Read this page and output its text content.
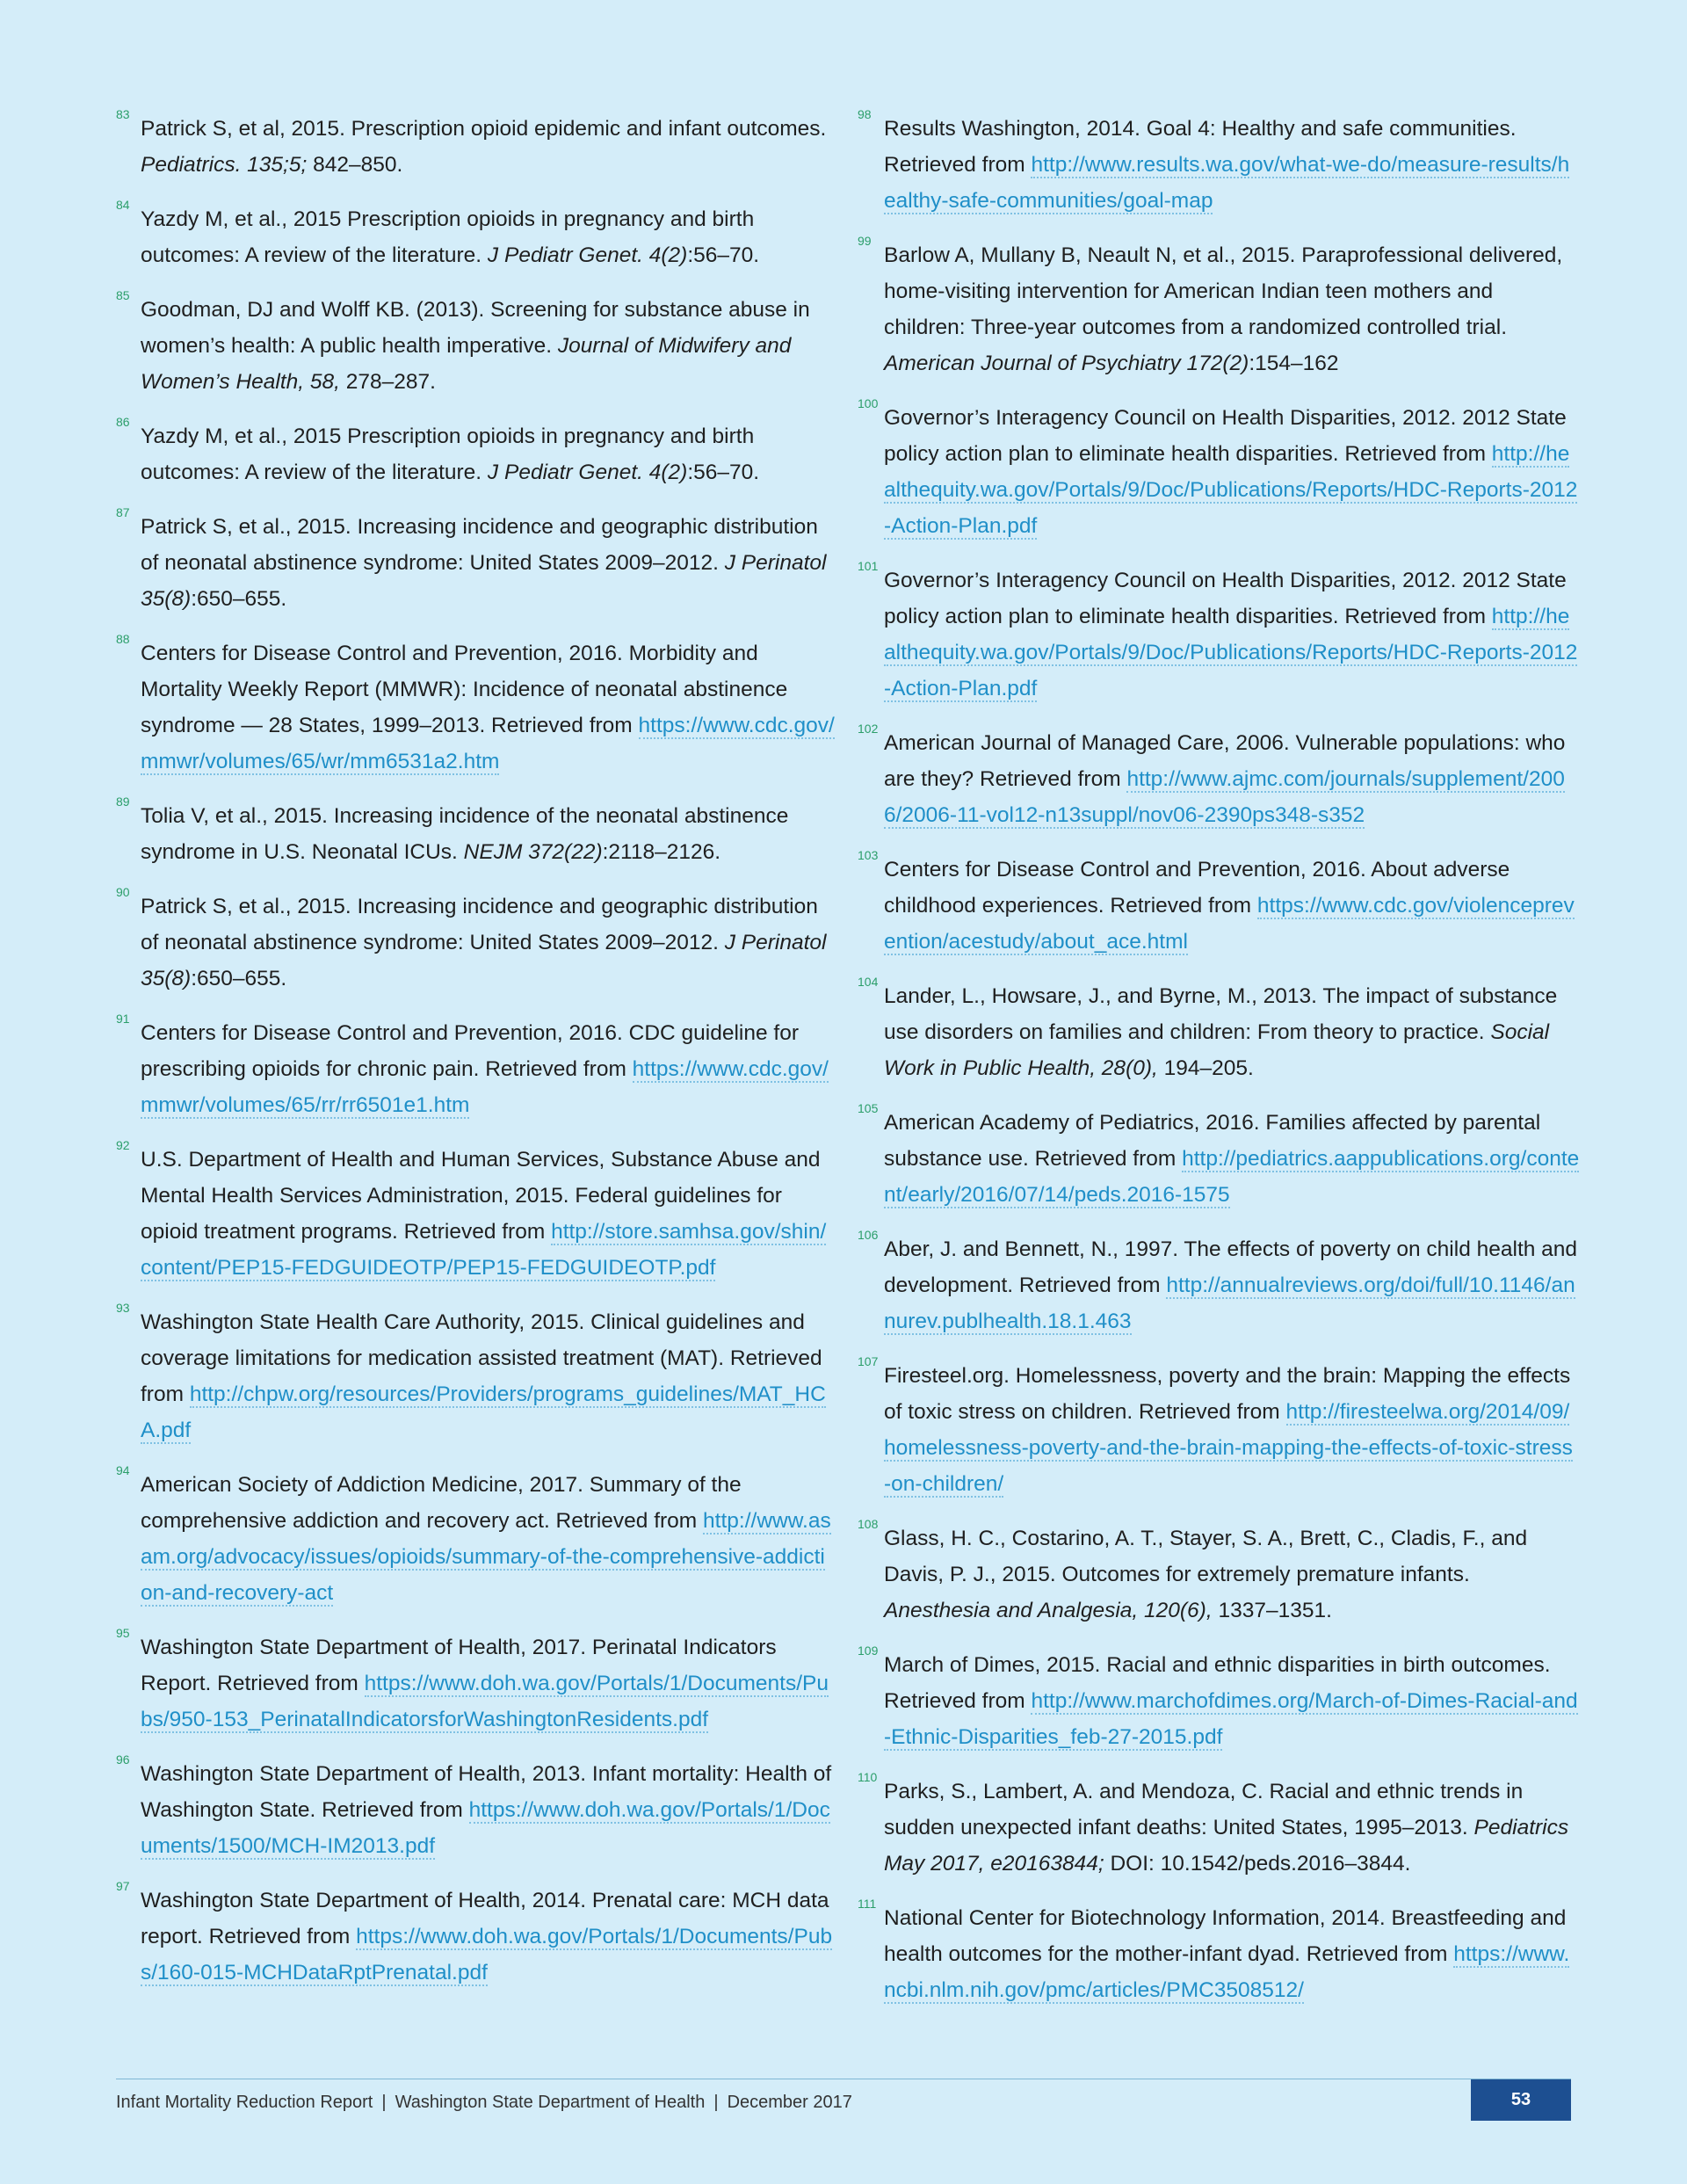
83
Patrick S, et al, 2015. Prescription opioid epidemic and infant outcomes. Pediatrics. 135;5; 842–850.
84
Yazdy M, et al., 2015 Prescription opioids in pregnancy and birth outcomes: A review of the literature. J Pediatr Genet. 4(2):56–70.
85
Goodman, DJ and Wolff KB. (2013). Screening for substance abuse in women’s health: A public health imperative. Journal of Midwifery and Women’s Health, 58, 278–287.
86
Yazdy M, et al., 2015 Prescription opioids in pregnancy and birth outcomes: A review of the literature. J Pediatr Genet. 4(2):56–70.
87
Patrick S, et al., 2015. Increasing incidence and geographic distribution of neonatal abstinence syndrome: United States 2009–2012. J Perinatol 35(8):650–655.
88
Centers for Disease Control and Prevention, 2016. Morbidity and Mortality Weekly Report (MMWR): Incidence of neonatal abstinence syndrome — 28 States, 1999–2013. Retrieved from https://www.cdc.gov/mmwr/volumes/65/wr/mm6531a2.htm
89
Tolia V, et al., 2015. Increasing incidence of the neonatal abstinence syndrome in U.S. Neonatal ICUs. NEJM 372(22):2118–2126.
90
Patrick S, et al., 2015. Increasing incidence and geographic distribution of neonatal abstinence syndrome: United States 2009–2012. J Perinatol 35(8):650–655.
91
Centers for Disease Control and Prevention, 2016. CDC guideline for prescribing opioids for chronic pain. Retrieved from https://www.cdc.gov/mmwr/volumes/65/rr/rr6501e1.htm
92
U.S. Department of Health and Human Services, Substance Abuse and Mental Health Services Administration, 2015. Federal guidelines for opioid treatment programs. Retrieved from http://store.samhsa.gov/shin/content/PEP15-FEDGUIDEOTP/PEP15-FEDGUIDEOTP.pdf
93
Washington State Health Care Authority, 2015. Clinical guidelines and coverage limitations for medication assisted treatment (MAT). Retrieved from http://chpw.org/resources/Providers/programs_guidelines/MAT_HCA.pdf
94
American Society of Addiction Medicine, 2017. Summary of the comprehensive addiction and recovery act. Retrieved from http://www.asam.org/advocacy/issues/opioids/summary-of-the-comprehensive-addiction-and-recovery-act
95
Washington State Department of Health, 2017. Perinatal Indicators Report. Retrieved from https://www.doh.wa.gov/Portals/1/Documents/Pubs/950-153_PerinatalIndicatorsforWashingtonResidents.pdf
96
Washington State Department of Health, 2013. Infant mortality: Health of Washington State. Retrieved from https://www.doh.wa.gov/Portals/1/Documents/1500/MCH-IM2013.pdf
97
Washington State Department of Health, 2014. Prenatal care: MCH data report. Retrieved from https://www.doh.wa.gov/Portals/1/Documents/Pubs/160-015-MCHDataRptPrenatal.pdf
98
Results Washington, 2014. Goal 4: Healthy and safe communities. Retrieved from http://www.results.wa.gov/what-we-do/measure-results/healthy-safe-communities/goal-map
99
Barlow A, Mullany B, Neault N, et al., 2015. Paraprofessional delivered, home-visiting intervention for American Indian teen mothers and children: Three-year outcomes from a randomized controlled trial. American Journal of Psychiatry 172(2):154–162
100
Governor’s Interagency Council on Health Disparities, 2012. 2012 State policy action plan to eliminate health disparities. Retrieved from http://healthequity.wa.gov/Portals/9/Doc/Publications/Reports/HDC-Reports-2012-Action-Plan.pdf
101
Governor’s Interagency Council on Health Disparities, 2012. 2012 State policy action plan to eliminate health disparities. Retrieved from http://healthequity.wa.gov/Portals/9/Doc/Publications/Reports/HDC-Reports-2012-Action-Plan.pdf
102
American Journal of Managed Care, 2006. Vulnerable populations: who are they? Retrieved from http://www.ajmc.com/journals/supplement/2006/2006-11-vol12-n13suppl/nov06-2390ps348-s352
103
Centers for Disease Control and Prevention, 2016. About adverse childhood experiences. Retrieved from https://www.cdc.gov/violenceprevention/acestudy/about_ace.html
104
Lander, L., Howsare, J., and Byrne, M., 2013. The impact of substance use disorders on families and children: From theory to practice. Social Work in Public Health, 28(0), 194–205.
105
American Academy of Pediatrics, 2016. Families affected by parental substance use. Retrieved from http://pediatrics.aappublications.org/content/early/2016/07/14/peds.2016-1575
106
Aber, J. and Bennett, N., 1997. The effects of poverty on child health and development. Retrieved from http://annualreviews.org/doi/full/10.1146/annurev.publhealth.18.1.463
107
Firesteel.org. Homelessness, poverty and the brain: Mapping the effects of toxic stress on children. Retrieved from http://firesteelwa.org/2014/09/homelessness-poverty-and-the-brain-mapping-the-effects-of-toxic-stress-on-children/
108
Glass, H. C., Costarino, A. T., Stayer, S. A., Brett, C., Cladis, F., and Davis, P. J., 2015. Outcomes for extremely premature infants. Anesthesia and Analgesia, 120(6), 1337–1351.
109
March of Dimes, 2015. Racial and ethnic disparities in birth outcomes. Retrieved from http://www.marchofdimes.org/March-of-Dimes-Racial-and-Ethnic-Disparities_feb-27-2015.pdf
110
Parks, S., Lambert, A. and Mendoza, C. Racial and ethnic trends in sudden unexpected infant deaths: United States, 1995–2013. Pediatrics May 2017, e20163844; DOI: 10.1542/peds.2016–3844.
111
National Center for Biotechnology Information, 2014. Breastfeeding and health outcomes for the mother-infant dyad. Retrieved from https://www.ncbi.nlm.nih.gov/pmc/articles/PMC3508512/
Infant Mortality Reduction Report | Washington State Department of Health | December 2017	53
